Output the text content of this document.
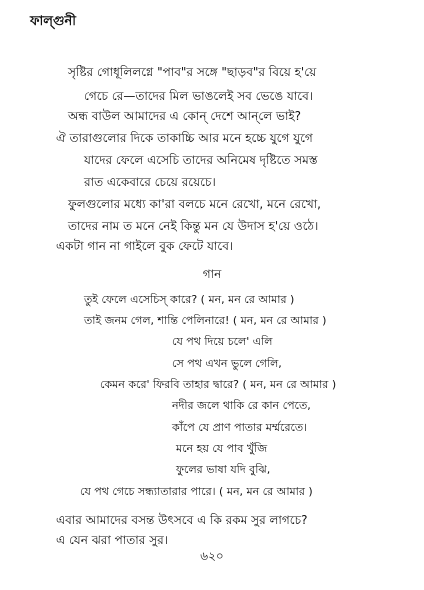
ফাল্গুনী
সৃষ্টির গোধূলিলগ্নে "পাব"র সঙ্গে "ছাড়ব"র বিয়ে হ'য়ে
গেচে রে—তাদের মিল ভাঙলেই সব ভেঙে যাবে।
অন্ধ বাউল আমাদের এ কোন্ দেশে আন্‌লে ভাই?
ঐ তারাগুলোর দিকে তাকাচ্চি আর মনে হচ্চে যুগে যুগে
যাদের ফেলে এসেচি তাদের অনিমেষ দৃষ্টিতে সমস্ত
রাত একেবারে চেয়ে রয়েচে।
ফুলগুলোর মধ্যে কা'রা বলচে মনে রেখো, মনে রেখো,
তাদের নাম ত মনে নেই কিন্তু মন যে উদাস হ'য়ে ওঠে।
একটা গান না গাইলে বুক ফেটে যাবে।
গান
তুই ফেলে এসেচিস্ কারে? ( মন, মন রে আমার )
তাই জনম গেল, শান্তি পেলিনারে! ( মন, মন রে আমার )
যে পথ দিয়ে চলে' এলি
সে পথ এখন ভুলে গেলি,
কেমন করে' ফিরবি তাহার দ্বারে? ( মন, মন রে আমার )
নদীর জলে থাকি রে কান পেতে,
কাঁপে যে প্রাণ পাতার মর্ম্মরেতে।
মনে হয় যে পাব খুঁজি
ফুলের ভাষা যদি বুঝি,
যে পথ গেচে সন্ধ্যাতারার পারে। ( মন, মন রে আমার )
এবার আমাদের বসন্ত উৎসবে এ কি রকম সুর লাগচে?
এ যেন ঝরা পাতার সুর।
৬২০
